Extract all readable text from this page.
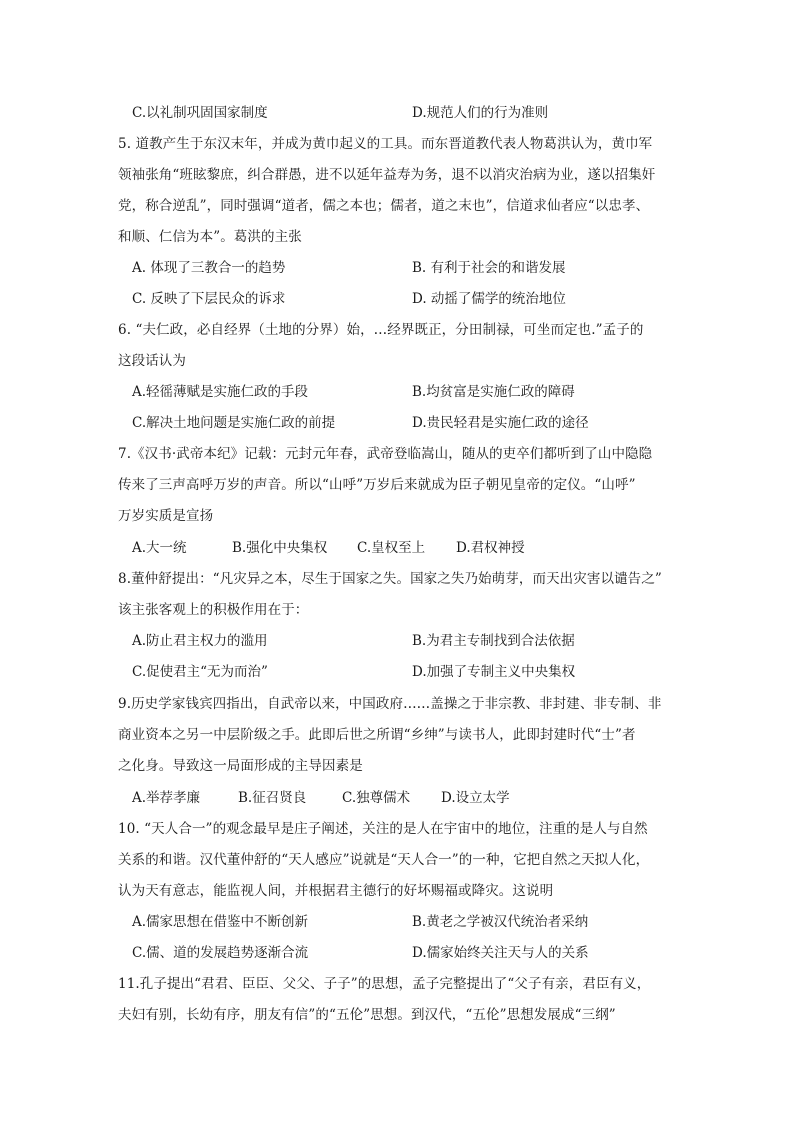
C.以礼制巩固国家制度	D.规范人们的行为准则
5. 道教产生于东汉末年，并成为黄巾起义的工具。而东晋道教代表人物葛洪认为，黄巾军
领袖张角“班眩黎庶，纠合群愚，进不以延年益寿为务，退不以消灾治病为业，遂以招集奸
党，称合逆乱”，同时强调“道者，儒之本也；儒者，道之末也”，信道求仙者应“以忠孝、
和顺、仁信为本”。葛洪的主张
A. 体现了三教合一的趋势	B. 有利于社会的和谐发展
C. 反映了下层民众的诉求	D. 动摇了儒学的统治地位
6. “夫仁政，必自经界（土地的分界）始，…经界既正，分田制禄，可坐而定也.”孟子的
这段话认为
A.轻徭薄赋是实施仁政的手段	B.均贫富是实施仁政的障碍
C.解决土地问题是实施仁政的前提	D.贵民轻君是实施仁政的途径
7.《汉书·武帝本纪》记载：元封元年春，武帝登临嵩山，随从的吏卒们都听到了山中隐隐
传来了三声高呼万岁的声音。所以“山呼”万岁后来就成为臣子朝见皇帝的定仪。“山呼”
万岁实质是宣扬
A.大一统	B.强化中央集权 C.皇权至上 D.君权神授
8.董仲舒提出：“凡灾异之本，尽生于国家之失。国家之失乃始萌芽，而天出灾害以谴告之”
该主张客观上的积极作用在于：
A.防止君主权力的滥用	B.为君主专制找到合法依据
C.促使君主“无为而治”	D.加强了专制主义中央集权
9.历史学家钱宾四指出，自武帝以来，中国政府……盖操之于非宗教、非封建、非专制、非
商业资本之另一中层阶级之手。此即后世之所谓“乡绅”与读书人，此即封建时代“士”者
之化身。导致这一局面形成的主导因素是
A.举荐孝廉	B.征召贤良	C.独尊儒术 D.设立太学
10. “天人合一”的观念最早是庄子阐述，关注的是人在宇宙中的地位，注重的是人与自然
关系的和谐。汉代董仲舒的“天人感应”说就是“天人合一”的一种，它把自然之天拟人化，
认为天有意志，能监视人间，并根据君主德行的好坏赐福或降灾。这说明
A.儒家思想在借鉴中不断创新	B.黄老之学被汉代统治者采纳
C.儒、道的发展趋势逐渐合流	D.儒家始终关注天与人的关系
11.孔子提出“君君、臣臣、父父、子子”的思想，孟子完整提出了“父子有亲，君臣有义，
夫妇有别，长幼有序，朋友有信”的“五伦”思想。到汉代，“五伦”思想发展成“三纲”
